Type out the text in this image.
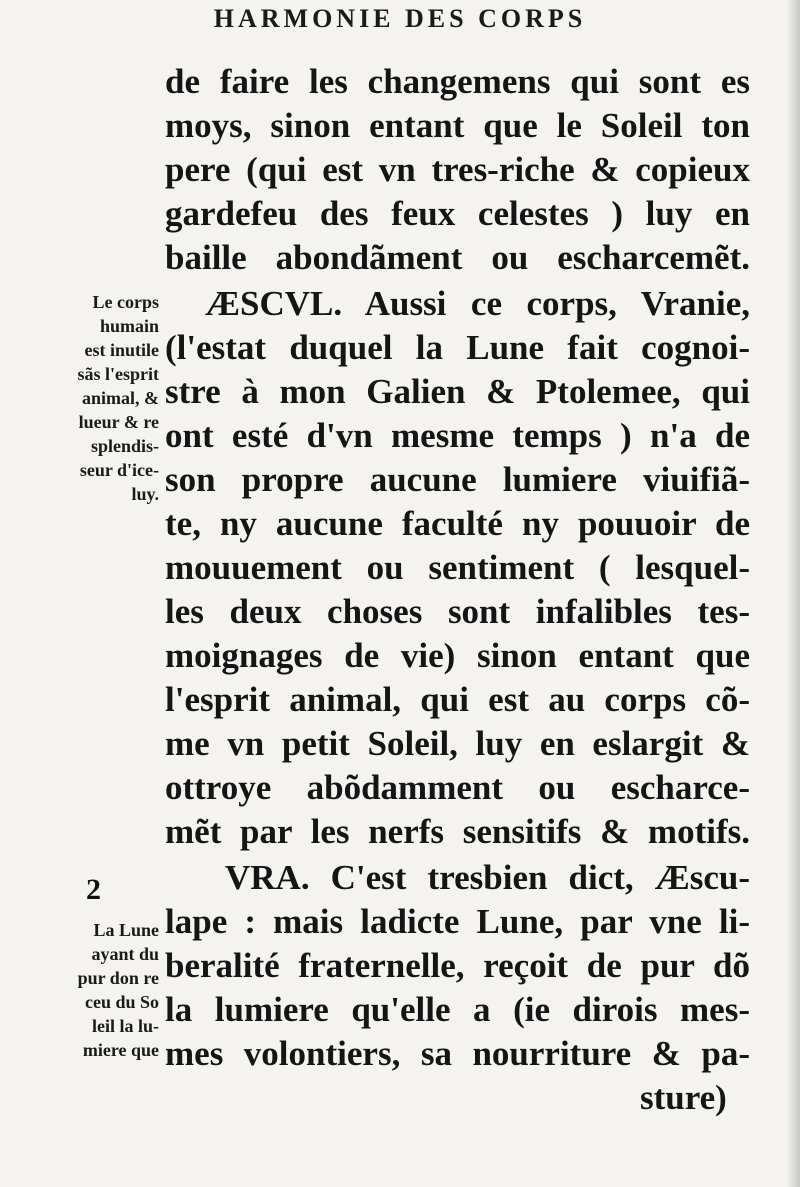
HARMONIE DES CORPS
de faire les changemens qui sont es
moys, sinon entant que le Soleil ton
pere (qui est vn tres-riche & copieux
gardefeu des feux celestes ) luy en
baille abondãment ou escharcemẽt.
ÆSCVL. Aussi ce corps, Vranie,
(l'estat duquel la Lune fait cognoi-
stre à mon Galien & Ptolemee, qui
ont esté d'vn mesme temps ) n'a de
son propre aucune lumiere viuifiã-
te, ny aucune faculté ny pouuoir de
mouuement ou sentiment ( lesquel-
les deux choses sont infalibles tes-
moignages de vie) sinon entant que
l'esprit animal, qui est au corps cõ-
me vn petit Soleil, luy en eslargit &
ottroye abõdamment ou escharce-
mẽt par les nerfs sensitifs & motifs.
VRA. C'est tresbien dict, Æscu-
lape : mais ladicte Lune, par vne li-
beralité fraternelle, reçoit de pur dõ
la lumiere qu'elle a (ie dirois mes-
mes volontiers, sa nourriture & pa-
sture)
Le corps
humain
est inutile
sãs l'esprit
animal, &
lueur & re
splendis-
seur d'ice-
luy.
2
La Lune
ayant du
pur don re
ceu du So
leil la lu-
miere que
